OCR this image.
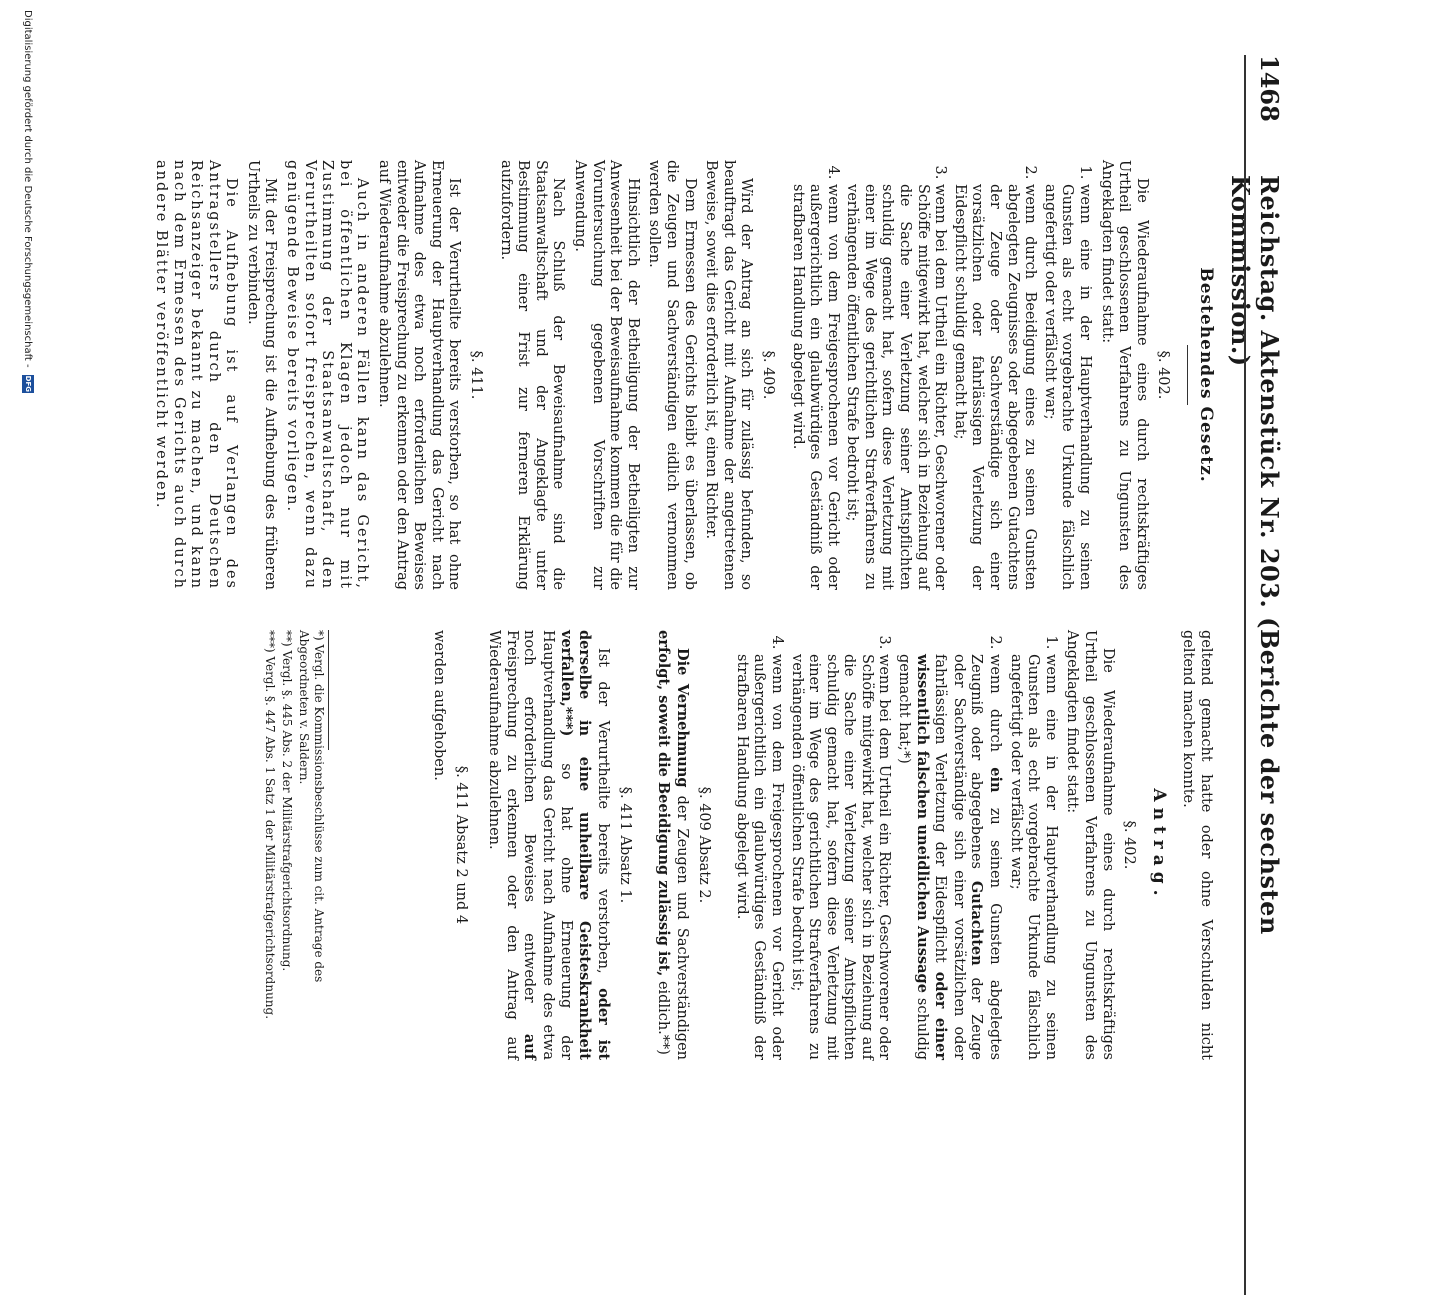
1468
Reichstag. Aktenstück Nr. 203. (Berichte der sechsten Kommission.)
Bestehendes Gesetz.
§. 402.

Die Wiederaufnahme eines durch rechtskräftiges Urtheil geschlossenen Verfahrens zu Ungunsten des Angeklagten findet statt:

1. wenn eine in der Hauptverhandlung zu seinen Gunsten als echt vorgebrachte Urkunde fälschlich angefertigt oder verfälscht war;
2. wenn durch Beeidigung eines zu seinen Gunsten abgelegten Zeugnisses oder abgegebenen Gutachtens der Zeuge oder Sachverständige sich einer vorsätzlichen oder fahrlässigen Verletzung der Eidespflicht schuldig gemacht hat;
3. wenn bei dem Urtheil ein Richter, Geschworener oder Schöffe mitgewirkt hat, welcher sich in Beziehung auf die Sache einer Verletzung seiner Amtspflichten schuldig gemacht hat, sofern diese Verletzung mit einer im Wege des gerichtlichen Strafverfahrens zu verhängenden öffentlichen Strafe bedroht ist;
4. wenn von dem Freigesprochenen vor Gericht oder außergerichtlich ein glaubwürdiges Geständniß der strafbaren Handlung abgelegt wird.
§. 409.

Wird der Antrag an sich für zulässig befunden, so beauftragt das Gericht mit Aufnahme der angetretenen Beweise, soweit dies erforderlich ist, einen Richter.

Dem Ermessen des Gerichts bleibt es überlassen, ob die Zeugen und Sachverständigen eidlich vernommen werden sollen.

Hinsichtlich der Betheiligung der Betheiligten zur Anwesenheit bei der Beweisaufnahme kommen die für die Voruntersuchung gegebenen Vorschriften zur Anwendung.

Nach Schluß der Beweisaufnahme sind die Staatsanwaltschaft und der Angeklagte unter Bestimmung einer Frist zur ferneren Erklärung aufzufordern.

§. 411.

Ist der Verurtheilte bereits verstorben, so hat ohne Erneuerung der Hauptverhandlung das Gericht nach Aufnahme des etwa noch erforderlichen Beweises entweder die Freisprechung zu erkennen oder den Antrag auf Wiederaufnahme abzulehnen.

Auch in anderen Fällen kann das Gericht, bei öffentlichen Klagen jedoch nur mit Zustimmung der Staatsanwaltschaft, den Verurtheilten sofort freisprechen, wenn dazu genügende Beweise bereits vorliegen.

Mit der Freisprechung ist die Aufhebung des früheren Urtheils zu verbinden.

Die Aufhebung ist auf Verlangen des Antragstellers durch den Deutschen Reichsanzeiger bekannt zu machen, und kann nach dem Ermessen des Gerichts auch durch andere Blätter veröffentlicht werden.

geltend gemacht hatte oder ohne Verschulden nicht geltend machen konnte.

Antrag.
§. 402.

Die Wiederaufnahme eines durch rechtskräftiges Urtheil geschlossenen Verfahrens zu Ungunsten des Angeklagten findet statt:

1. wenn eine in der Hauptverhandlung zu seinen Gunsten als echt vorgebrachte Urkunde fälschlich angefertigt oder verfälscht war;
2. wenn durch ein zu seinen Gunsten abgelegtes Zeugniß oder abgegebenes Gutachten der Zeuge oder Sachverständige sich einer vorsätzlichen oder fahrlässigen Verletzung der Eidespflicht oder einer wissentlich falschen uneidlichen Aussage schuldig gemacht hat;*)
3. wenn bei dem Urtheil ein Richter, Geschworener oder Schöffe mitgewirkt hat, welcher sich in Beziehung auf die Sache einer Verletzung seiner Amtspflichten schuldig gemacht hat, sofern diese Verletzung mit einer im Wege des gerichtlichen Strafverfahrens zu verhängenden öffentlichen Strafe bedroht ist;
4. wenn von dem Freigesprochenen vor Gericht oder außergerichtlich ein glaubwürdiges Geständniß der strafbaren Handlung abgelegt wird.
§. 409 Absatz 2.

Die Vernehmung der Zeugen und Sachverständigen erfolgt, soweit die Beeidigung zulässig ist, eidlich.**)

§. 411 Absatz 1.

Ist der Verurtheilte bereits verstorben, oder ist derselbe in eine unheilbare Geisteskrankheit verfallen,***) so hat ohne Erneuerung der Hauptverhandlung das Gericht nach Aufnahme des etwa noch erforderlichen Beweises entweder auf Freisprechung zu erkennen oder den Antrag auf Wiederaufnahme abzulehnen.

§. 411 Absatz 2 und 4

werden aufgehoben.

*) Vergl. die Kommissionsbeschlüsse zum cit. Antrage des Abgeordneten v. Saldern.
**) Vergl. §. 445 Abs. 2 der Militärstrafgerichtsordnung.
***) Vergl. §. 447 Abs. 1 Satz 1 der Militärstrafgerichtsordnung.
Digitalisierung gefördert durch die Deutsche Forschungsgemeinschaft - DFG
